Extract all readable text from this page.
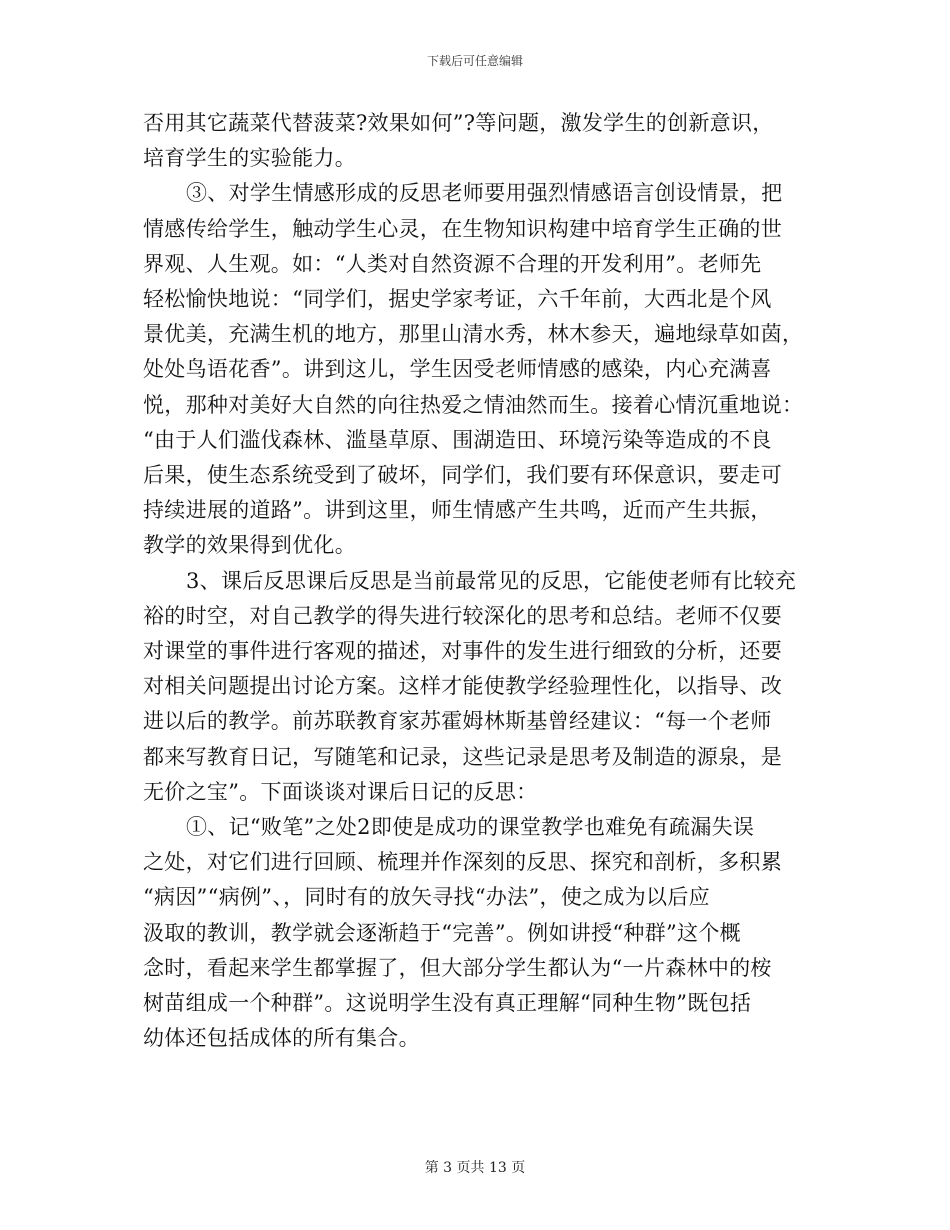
下载后可任意编辑
否用其它蔬菜代替菠菜?效果如何”?等问题，激发学生的创新意识，
培育学生的实验能力。
③、对学生情感形成的反思老师要用强烈情感语言创设情景，把
情感传给学生，触动学生心灵，在生物知识构建中培育学生正确的世
界观、人生观。如：“人类对自然资源不合理的开发利用”。老师先
轻松愉快地说：“同学们，据史学家考证，六千年前，大西北是个风
景优美，充满生机的地方，那里山清水秀，林木参天，遍地绿草如茵，
处处鸟语花香”。讲到这儿，学生因受老师情感的感染，内心充满喜
悦，那种对美好大自然的向往热爱之情油然而生。接着心情沉重地说：
“由于人们滥伐森林、滥垦草原、围湖造田、环境污染等造成的不良
后果，使生态系统受到了破坏，同学们，我们要有环保意识，要走可
持续进展的道路”。讲到这里，师生情感产生共鸣，近而产生共振，
教学的效果得到优化。
3、课后反思课后反思是当前最常见的反思，它能使老师有比较充
裕的时空，对自己教学的得失进行较深化的思考和总结。老师不仅要
对课堂的事件进行客观的描述，对事件的发生进行细致的分析，还要
对相关问题提出讨论方案。这样才能使教学经验理性化，以指导、改
进以后的教学。前苏联教育家苏霍姆林斯基曾经建议：“每一个老师
都来写教育日记，写随笔和记录，这些记录是思考及制造的源泉，是
无价之宝”。下面谈谈对课后日记的反思：
①、记“败笔”之处2即使是成功的课堂教学也难免有疏漏失误
之处，对它们进行回顾、梳理并作深刻的反思、探究和剖析，多积累
“病因”“病例”、，同时有的放矢寻找“办法”，使之成为以后应
汲取的教训，教学就会逐渐趋于“完善”。例如讲授“种群”这个概
念时，看起来学生都掌握了，但大部分学生都认为“一片森林中的桉
树苗组成一个种群”。这说明学生没有真正理解“同种生物”既包括
幼体还包括成体的所有集合。
第 3 页共 13 页
